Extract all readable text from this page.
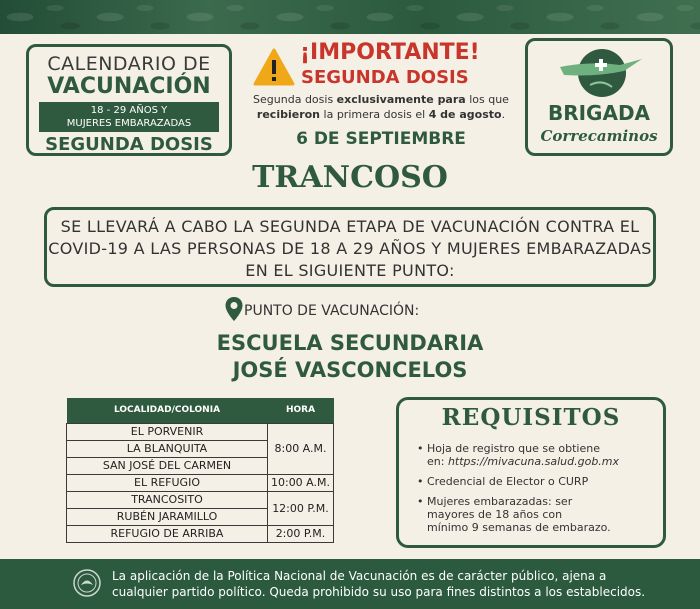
CALENDARIO DE
VACUNACIÓN
18 - 29 AÑOS Y
MUJERES EMBARAZADAS
SEGUNDA DOSIS
¡IMPORTANTE!
SEGUNDA DOSIS
Segunda dosis exclusivamente para los que recibieron la primera dosis el 4 de agosto.
6 DE SEPTIEMBRE
BRIGADA
Correcaminos
TRANCOSO
SE LLEVARÁ A CABO LA SEGUNDA ETAPA DE VACUNACIÓN CONTRA EL COVID-19 A LAS PERSONAS DE 18 A 29 AÑOS Y MUJERES EMBARAZADAS EN EL SIGUIENTE PUNTO:
PUNTO DE VACUNACIÓN:
ESCUELA SECUNDARIA
JOSÉ VASCONCELOS
LOCALIDAD/COLONIA	HORA
EL PORVENIR	8:00 A.M.
LA BLANQUITA	
SAN JOSÉ DEL CARMEN	
EL REFUGIO	10:00 A.M.
TRANCOSITO	12:00 P.M.
RUBÉN JARAMILLO	
REFUGIO DE ARRIBA	2:00 P.M.
REQUISITOS
• Hoja de registro que se obtiene
en: https://mivacuna.salud.gob.mx
• Credencial de Elector o CURP
• Mujeres embarazadas: ser
mayores de 18 años con
mínimo 9 semanas de embarazo.
La aplicación de la Política Nacional de Vacunación es de carácter público, ajena a
cualquier partido político. Queda prohibido su uso para fines distintos a los establecidos.
